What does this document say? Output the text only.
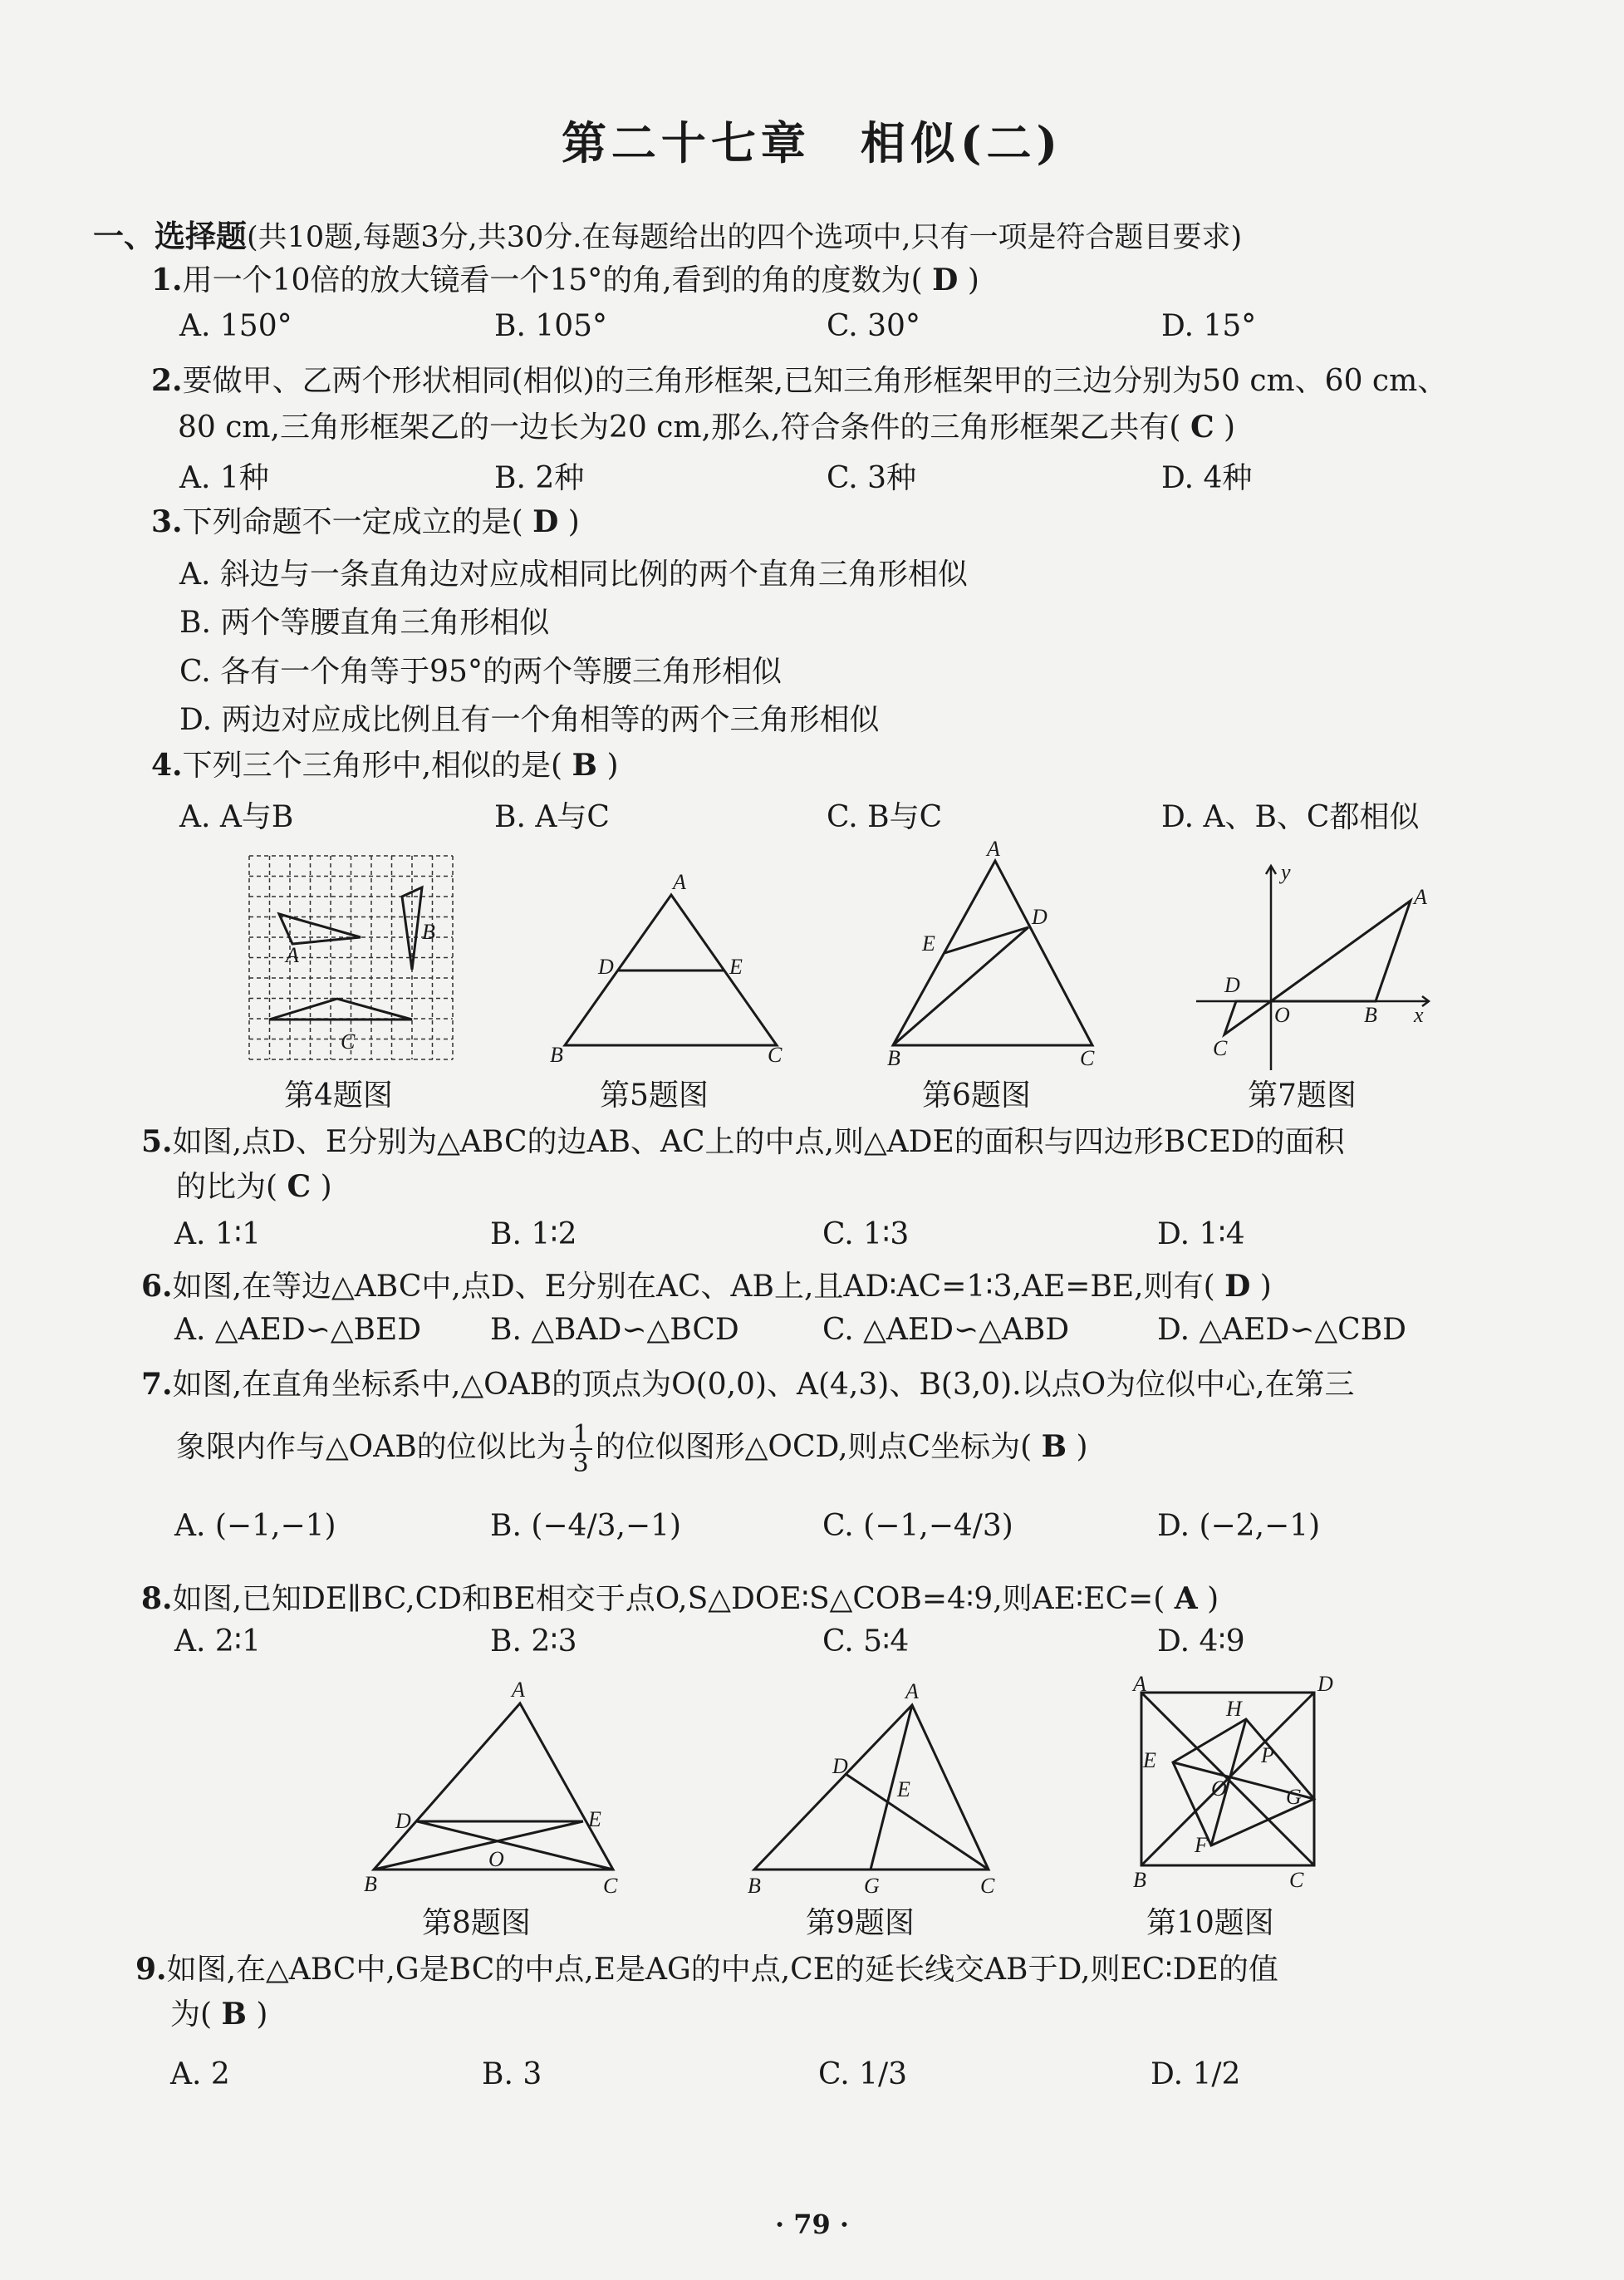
第二十七章　相似(二)
一、选择题(共10题,每题3分,共30分.在每题给出的四个选项中,只有一项是符合题目要求)
1.用一个10倍的放大镜看一个15°的角,看到的角的度数为( D )
A. 150°	B. 105°	C. 30°	D. 15°
2.要做甲、乙两个形状相同(相似)的三角形框架,已知三角形框架甲的三边分别为50 cm、60 cm、
80 cm,三角形框架乙的一边长为20 cm,那么,符合条件的三角形框架乙共有( C )
A. 1种	B. 2种	C. 3种	D. 4种
3.下列命题不一定成立的是( D )
A. 斜边与一条直角边对应成相同比例的两个直角三角形相似
B. 两个等腰直角三角形相似
C. 各有一个角等于95°的两个等腰三角形相似
D. 两边对应成比例且有一个角相等的两个三角形相似
4.下列三个三角形中,相似的是( B )
A. A与B	B. A与C	C. B与C	D. A、B、C都相似
A
B
C
A
D	E
B	C
A
D
E
B	C
y
A
D
O	B x
C
第4题图	第5题图	第6题图	第7题图
5.如图,点D、E分别为△ABC的边AB、AC上的中点,则△ADE的面积与四边形BCED的面积
的比为( C )
A. 1∶1	B. 1∶2	C. 1∶3	D. 1∶4
6.如图,在等边△ABC中,点D、E分别在AC、AB上,且AD∶AC=1∶3,AE=BE,则有( D )
A. △AED∽△BED B. △BAD∽△BCD	C. △AED∽△ABD	D. △AED∽△CBD
7.如图,在直角坐标系中,△OAB的顶点为O(0,0)、A(4,3)、B(3,0).以点O为位似中心,在第三
象限内作与△OAB的位似比为 $\frac{1}{3}$ 的位似图形△OCD,则点C坐标为( B )
A. (−1,−1)	B. (−4/3,−1)	C. (−1,−4/3)	D. (−2,−1)
8.如图,已知DE∥BC,CD和BE相交于点O,S△DOE∶S△COB=4∶9,则AE∶EC=( A )
A. 2∶1	B. 2∶3	C. 5∶4	D. 4∶9
A
D	E
O
B	C
A
D
E
B	G	C
A	D
H
P
E
O	G
F
B	C
第8题图	第9题图	第10题图
9.如图,在△ABC中,G是BC的中点,E是AG的中点,CE的延长线交AB于D,则EC∶DE的值
为( B )
A. 2	B. 3	C. 1/3	D. 1/2
· 79 ·
